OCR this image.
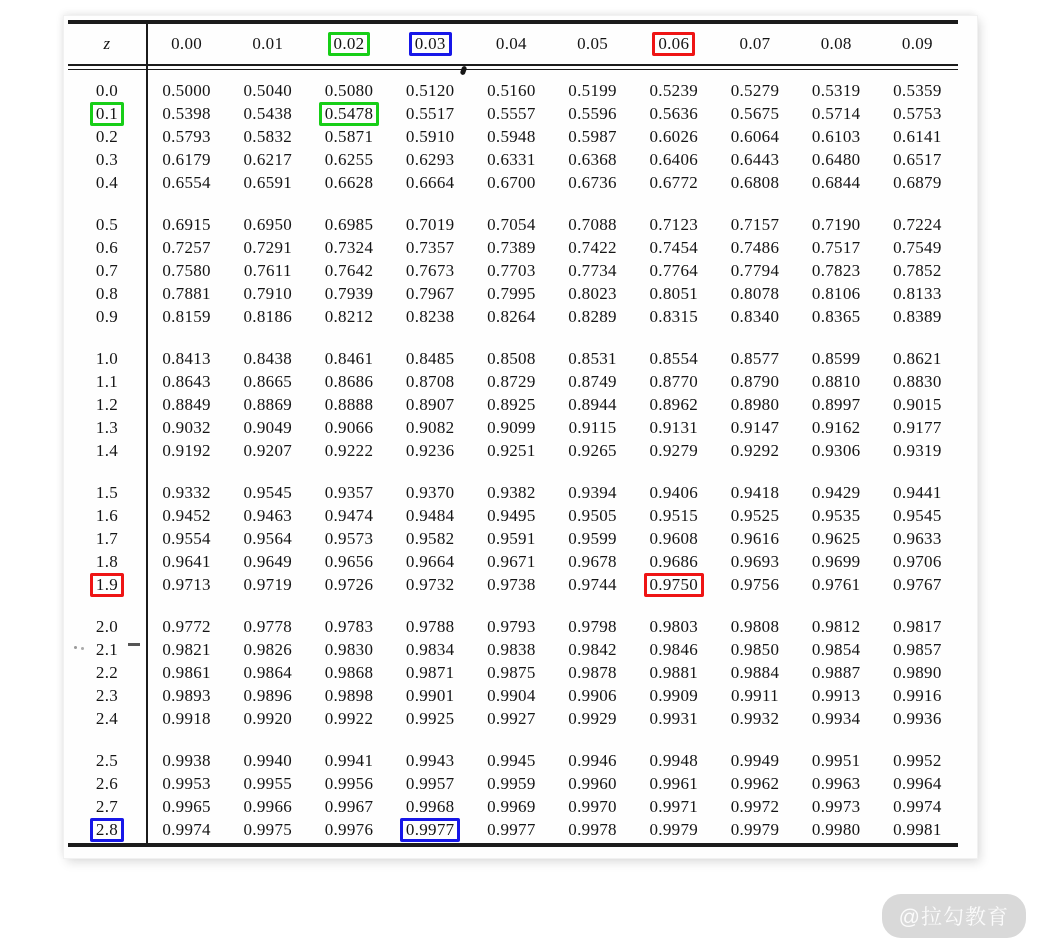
z	0.00	0.01	0.02	0.03	0.04	0.05	0.06	0.07	0.08	0.09
0.0	0.5000	0.5040	0.5080	0.5120	0.5160	0.5199	0.5239	0.5279	0.5319	0.5359
0.1	0.5398	0.5438	0.5478	0.5517	0.5557	0.5596	0.5636	0.5675	0.5714	0.5753
0.2	0.5793	0.5832	0.5871	0.5910	0.5948	0.5987	0.6026	0.6064	0.6103	0.6141
0.3	0.6179	0.6217	0.6255	0.6293	0.6331	0.6368	0.6406	0.6443	0.6480	0.6517
0.4	0.6554	0.6591	0.6628	0.6664	0.6700	0.6736	0.6772	0.6808	0.6844	0.6879
0.5	0.6915	0.6950	0.6985	0.7019	0.7054	0.7088	0.7123	0.7157	0.7190	0.7224
0.6	0.7257	0.7291	0.7324	0.7357	0.7389	0.7422	0.7454	0.7486	0.7517	0.7549
0.7	0.7580	0.7611	0.7642	0.7673	0.7703	0.7734	0.7764	0.7794	0.7823	0.7852
0.8	0.7881	0.7910	0.7939	0.7967	0.7995	0.8023	0.8051	0.8078	0.8106	0.8133
0.9	0.8159	0.8186	0.8212	0.8238	0.8264	0.8289	0.8315	0.8340	0.8365	0.8389
1.0	0.8413	0.8438	0.8461	0.8485	0.8508	0.8531	0.8554	0.8577	0.8599	0.8621
1.1	0.8643	0.8665	0.8686	0.8708	0.8729	0.8749	0.8770	0.8790	0.8810	0.8830
1.2	0.8849	0.8869	0.8888	0.8907	0.8925	0.8944	0.8962	0.8980	0.8997	0.9015
1.3	0.9032	0.9049	0.9066	0.9082	0.9099	0.9115	0.9131	0.9147	0.9162	0.9177
1.4	0.9192	0.9207	0.9222	0.9236	0.9251	0.9265	0.9279	0.9292	0.9306	0.9319
1.5	0.9332	0.9545	0.9357	0.9370	0.9382	0.9394	0.9406	0.9418	0.9429	0.9441
1.6	0.9452	0.9463	0.9474	0.9484	0.9495	0.9505	0.9515	0.9525	0.9535	0.9545
1.7	0.9554	0.9564	0.9573	0.9582	0.9591	0.9599	0.9608	0.9616	0.9625	0.9633
1.8	0.9641	0.9649	0.9656	0.9664	0.9671	0.9678	0.9686	0.9693	0.9699	0.9706
1.9	0.9713	0.9719	0.9726	0.9732	0.9738	0.9744	0.9750	0.9756	0.9761	0.9767
2.0	0.9772	0.9778	0.9783	0.9788	0.9793	0.9798	0.9803	0.9808	0.9812	0.9817
2.1	0.9821	0.9826	0.9830	0.9834	0.9838	0.9842	0.9846	0.9850	0.9854	0.9857
2.2	0.9861	0.9864	0.9868	0.9871	0.9875	0.9878	0.9881	0.9884	0.9887	0.9890
2.3	0.9893	0.9896	0.9898	0.9901	0.9904	0.9906	0.9909	0.9911	0.9913	0.9916
2.4	0.9918	0.9920	0.9922	0.9925	0.9927	0.9929	0.9931	0.9932	0.9934	0.9936
2.5	0.9938	0.9940	0.9941	0.9943	0.9945	0.9946	0.9948	0.9949	0.9951	0.9952
2.6	0.9953	0.9955	0.9956	0.9957	0.9959	0.9960	0.9961	0.9962	0.9963	0.9964
2.7	0.9965	0.9966	0.9967	0.9968	0.9969	0.9970	0.9971	0.9972	0.9973	0.9974
2.8	0.9974	0.9975	0.9976	0.9977	0.9977	0.9978	0.9979	0.9979	0.9980	0.9981
@拉勾教育
